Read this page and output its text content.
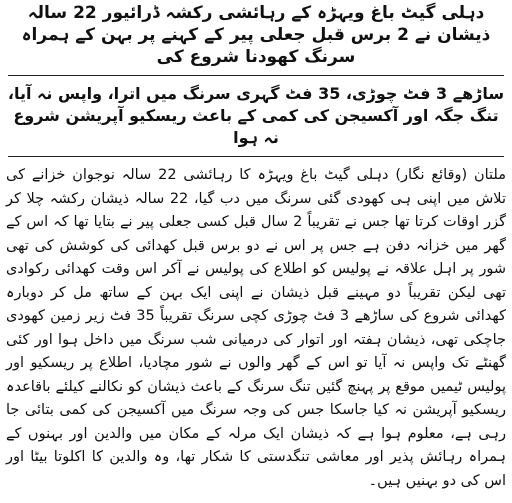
دہلی گیٹ باغ ویہڑہ کے رہائشی رکشہ ڈرائیور 22 سالہ ذیشان نے 2 برس قبل جعلی پیر کے کہنے پر بہن کے ہمراہ سرنگ کھودنا شروع کی

ساڑھے 3 فٹ چوڑی، 35 فٹ گہری سرنگ میں اترا، واپس نہ آیا، تنگ جگہ اور آکسیجن کی کمی کے باعث ریسکیو آپریشن شروع نہ ہوا

ملتان (وقائع نگار) دہلی گیٹ باغ ویہڑہ کا رہائشی 22 سالہ نوجوان خزانے کی تلاش میں اپنی ہی کھودی گئی سرنگ میں دب گیا، 22 سالہ ذیشان رکشہ چلا کر گزر اوقات کرتا تھا جس نے تقریباً 2 سال قبل کسی جعلی پیر نے بتایا تھا کہ اس کے گھر میں خزانہ دفن ہے جس پر اس نے دو برس قبل کھدائی کی کوشش کی تھی شور پر اہل علاقہ نے پولیس کو اطلاع کی پولیس نے آکر اس وقت کھدائی رکوادی تھی لیکن تقریباً دو مہینے قبل ذیشان نے اپنی ایک بہن کے ساتھ مل کر دوبارہ کھدائی شروع کی ساڑھے 3 فٹ چوڑی کچی سرنگ تقریباً 35 فٹ زیر زمین کھودی جاچکی تھی، ذیشان ہفتہ اور اتوار کی درمیانی شب سرنگ میں داخل ہوا اور کئی گھنٹے تک واپس نہ آیا تو اس کے گھر والوں نے شور مچادیا، اطلاع پر ریسکیو اور پولیس ٹیمیں موقع پر پہنچ گئیں تنگ سرنگ کے باعث ذیشان کو نکالنے کیلئے باقاعدہ ریسکیو آپریشن نہ کیا جاسکا جس کی وجہ سرنگ میں آکسیجن کی کمی بتائی جا رہی ہے، معلوم ہوا ہے کہ ذیشان ایک مرلہ کے مکان میں والدین اور بہنوں کے ہمراہ رہائش پذیر اور معاشی تنگدستی کا شکار تھا، وہ والدین کا اکلوتا بیٹا اور اس کی دو بہنیں ہیں۔
